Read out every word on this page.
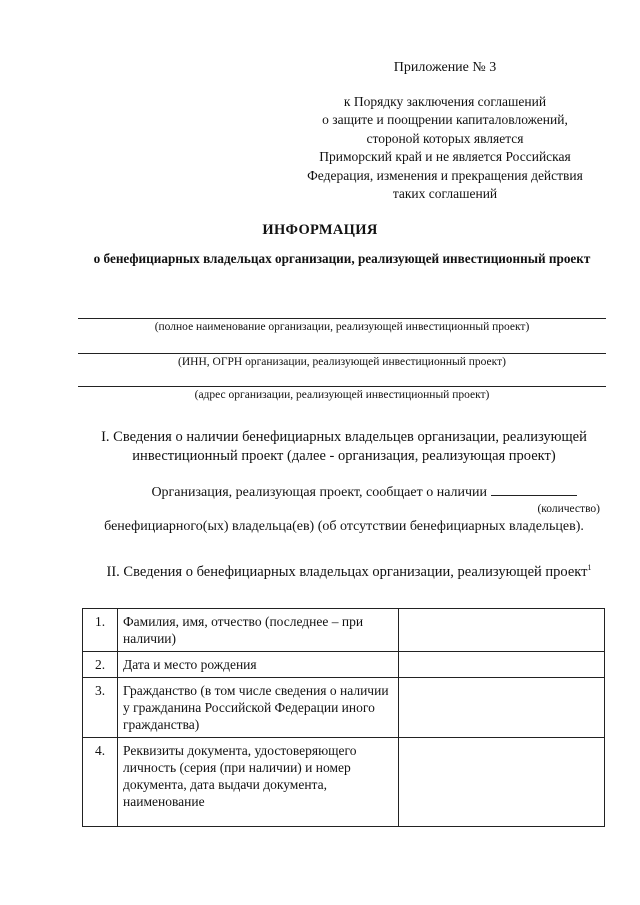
Приложение № 3
к Порядку заключения соглашений
о защите и поощрении капиталовложений,
стороной которых является
Приморский край и не является Российская
Федерация, изменения и прекращения действия
таких соглашений
ИНФОРМАЦИЯ
о бенефициарных владельцах организации, реализующей инвестиционный проект
(полное наименование организации, реализующей инвестиционный проект)
(ИНН, ОГРН организации, реализующей инвестиционный проект)
(адрес организации, реализующей инвестиционный проект)
I. Сведения о наличии бенефициарных владельцев организации, реализующей инвестиционный проект (далее - организация, реализующая проект)
Организация, реализующая проект, сообщает о наличии
(количество)
бенефициарного(ых) владельца(ев) (об отсутствии бенефициарных владельцев).
II. Сведения о бенефициарных владельцах организации, реализующей проект$^1$
1.	Фамилия, имя, отчество (последнее – при наличии)	
2.	Дата и место рождения	
3.	Гражданство (в том числе сведения о наличии у гражданина Российской Федерации иного гражданства)	
4.	Реквизиты документа, удостоверяющего личность (серия (при наличии) и номер документа, дата выдачи документа, наименование	
